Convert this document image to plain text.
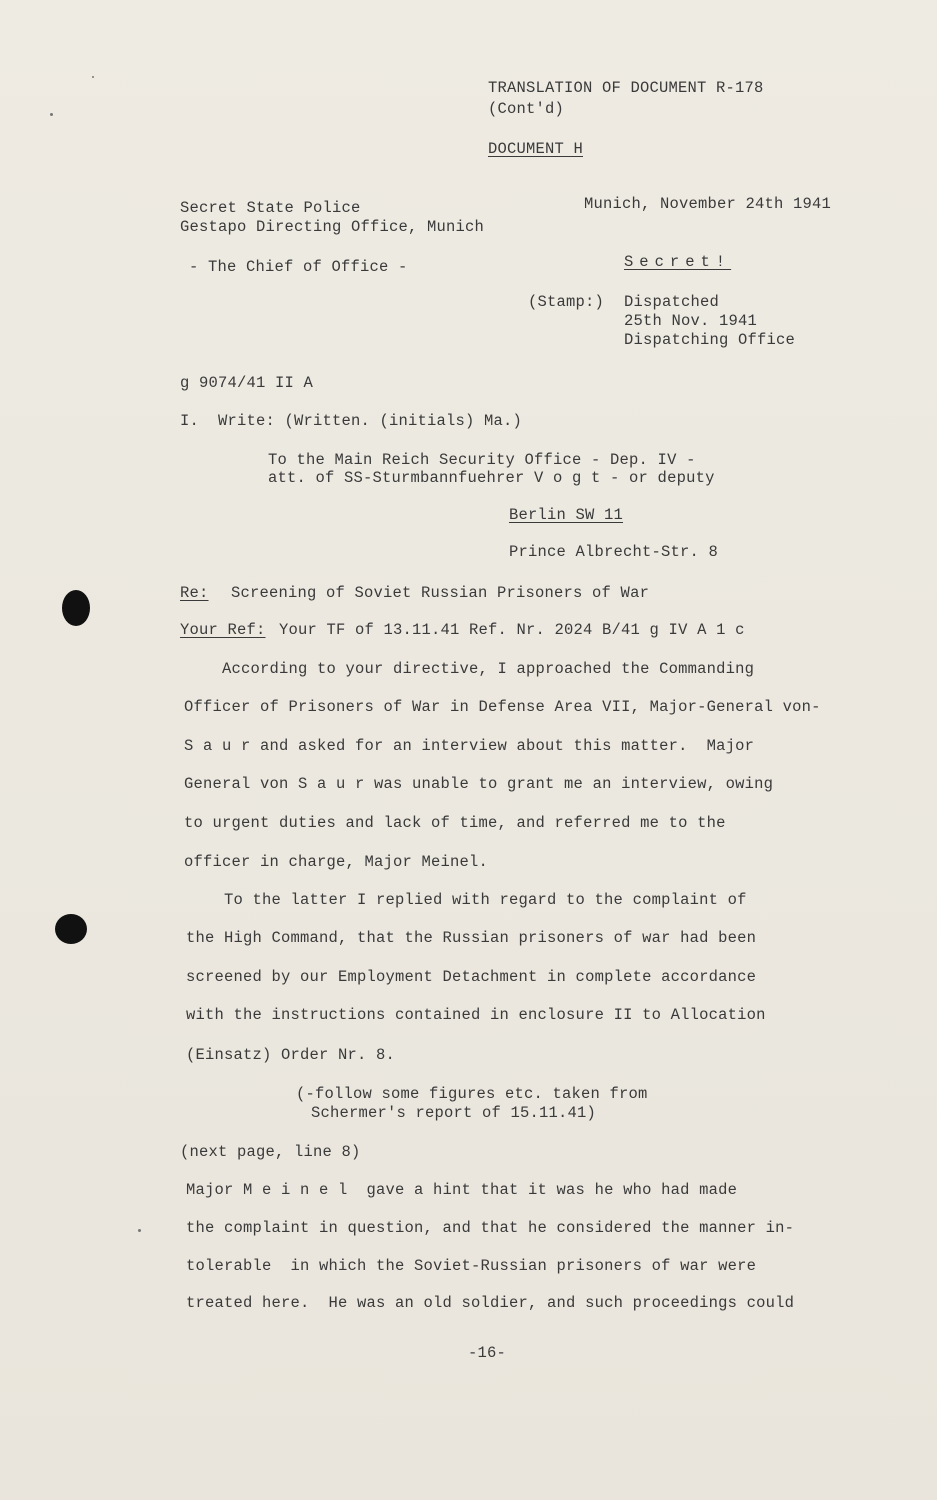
TRANSLATION OF DOCUMENT R-178
(Cont'd)
DOCUMENT H
Secret State Police
Gestapo Directing Office, Munich
- The Chief of Office -
Munich, November 24th 1941
Secret!
(Stamp:) Dispatched
25th Nov. 1941
Dispatching Office
g 9074/41 II A
I.  Write: (Written. (initials) Ma.)
To the Main Reich Security Office - Dep. IV -
att. of SS-Sturmbannfuehrer V o g t - or deputy
Berlin SW 11
Prince Albrecht-Str. 8
Re: Screening of Soviet Russian Prisoners of War
Your Ref: Your TF of 13.11.41 Ref. Nr. 2024 B/41 g IV A 1 c
According to your directive, I approached the Commanding
Officer of Prisoners of War in Defense Area VII, Major-General von-
S a u r and asked for an interview about this matter.  Major
General von S a u r was unable to grant me an interview, owing
to urgent duties and lack of time, and referred me to the
officer in charge, Major Meinel.
To the latter I replied with regard to the complaint of
the High Command, that the Russian prisoners of war had been
screened by our Employment Detachment in complete accordance
with the instructions contained in enclosure II to Allocation
(Einsatz) Order Nr. 8.
(-follow some figures etc. taken from
Schermer's report of 15.11.41)
(next page, line 8)
Major M e i n e l  gave a hint that it was he who had made
the complaint in question, and that he considered the manner in-
tolerable  in which the Soviet-Russian prisoners of war were
treated here.  He was an old soldier, and such proceedings could
-16-
